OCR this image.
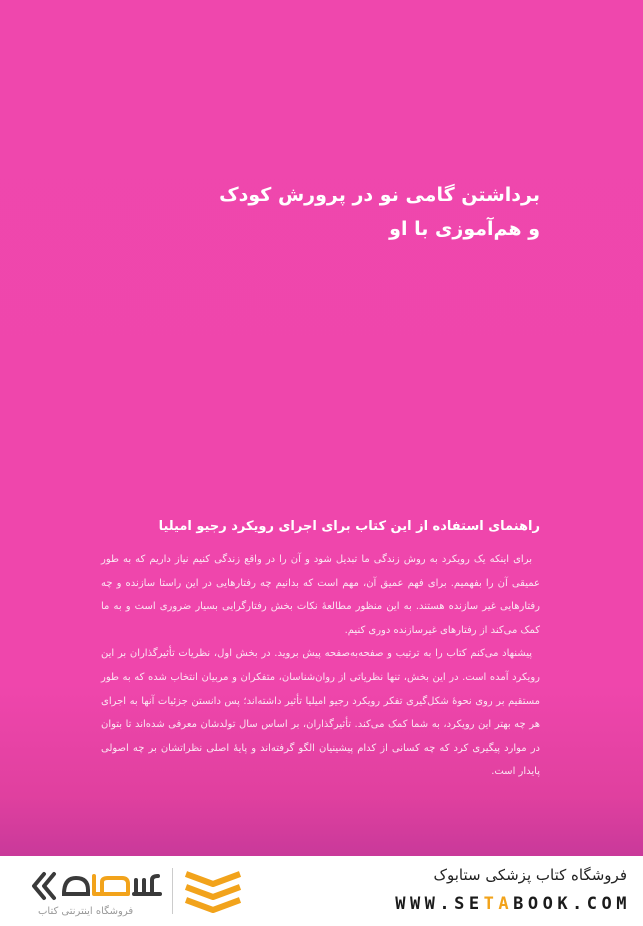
برداشتن گامی نو در پرورش کودک
و هم‌آموزی با او
راهنمای استفاده از این کتاب برای اجرای رویکرد رجیو امیلیا

برای اینکه یک رویکرد به روش زندگی ما تبدیل شود و آن را در واقع زندگی کنیم نیاز داریم که به طور عمیقی آن را بفهمیم. برای فهم عمیق آن، مهم است که بدانیم چه رفتارهایی در این راستا سازنده و چه رفتارهایی غیر سازنده هستند. به این منظور مطالعهٔ نکات بخش رفتارگرایی بسیار ضروری است و به ما کمک می‌کند از رفتارهای غیرسازنده دوری کنیم.

پیشنهاد می‌کنم کتاب را به ترتیب و صفحه‌به‌صفحه پیش بروید. در بخش اول، نظریات تأثیرگذاران بر این رویکرد آمده است. در این بخش، تنها نظریاتی از روان‌شناسان، متفکران و مربیان انتخاب شده که به طور مستقیم بر روی نحوهٔ شکل‌گیری تفکر رویکرد رجیو امیلیا تأثیر داشته‌اند؛ پس دانستن جزئیات آنها به اجرای هر چه بهتر این رویکرد، به شما کمک می‌کند. تأثیرگذاران، بر اساس سال تولدشان معرفی شده‌اند تا بتوان در موارد پیگیری کرد که چه کسانی از کدام پیشینیان الگو گرفته‌اند و پایهٔ اصلی نظراتشان بر چه اصولی پایدار است.

فروشگاه اینترنتی کتاب
فروشگاه کتاب پزشکی ستابوک
WWW.SETABOOK.COM
